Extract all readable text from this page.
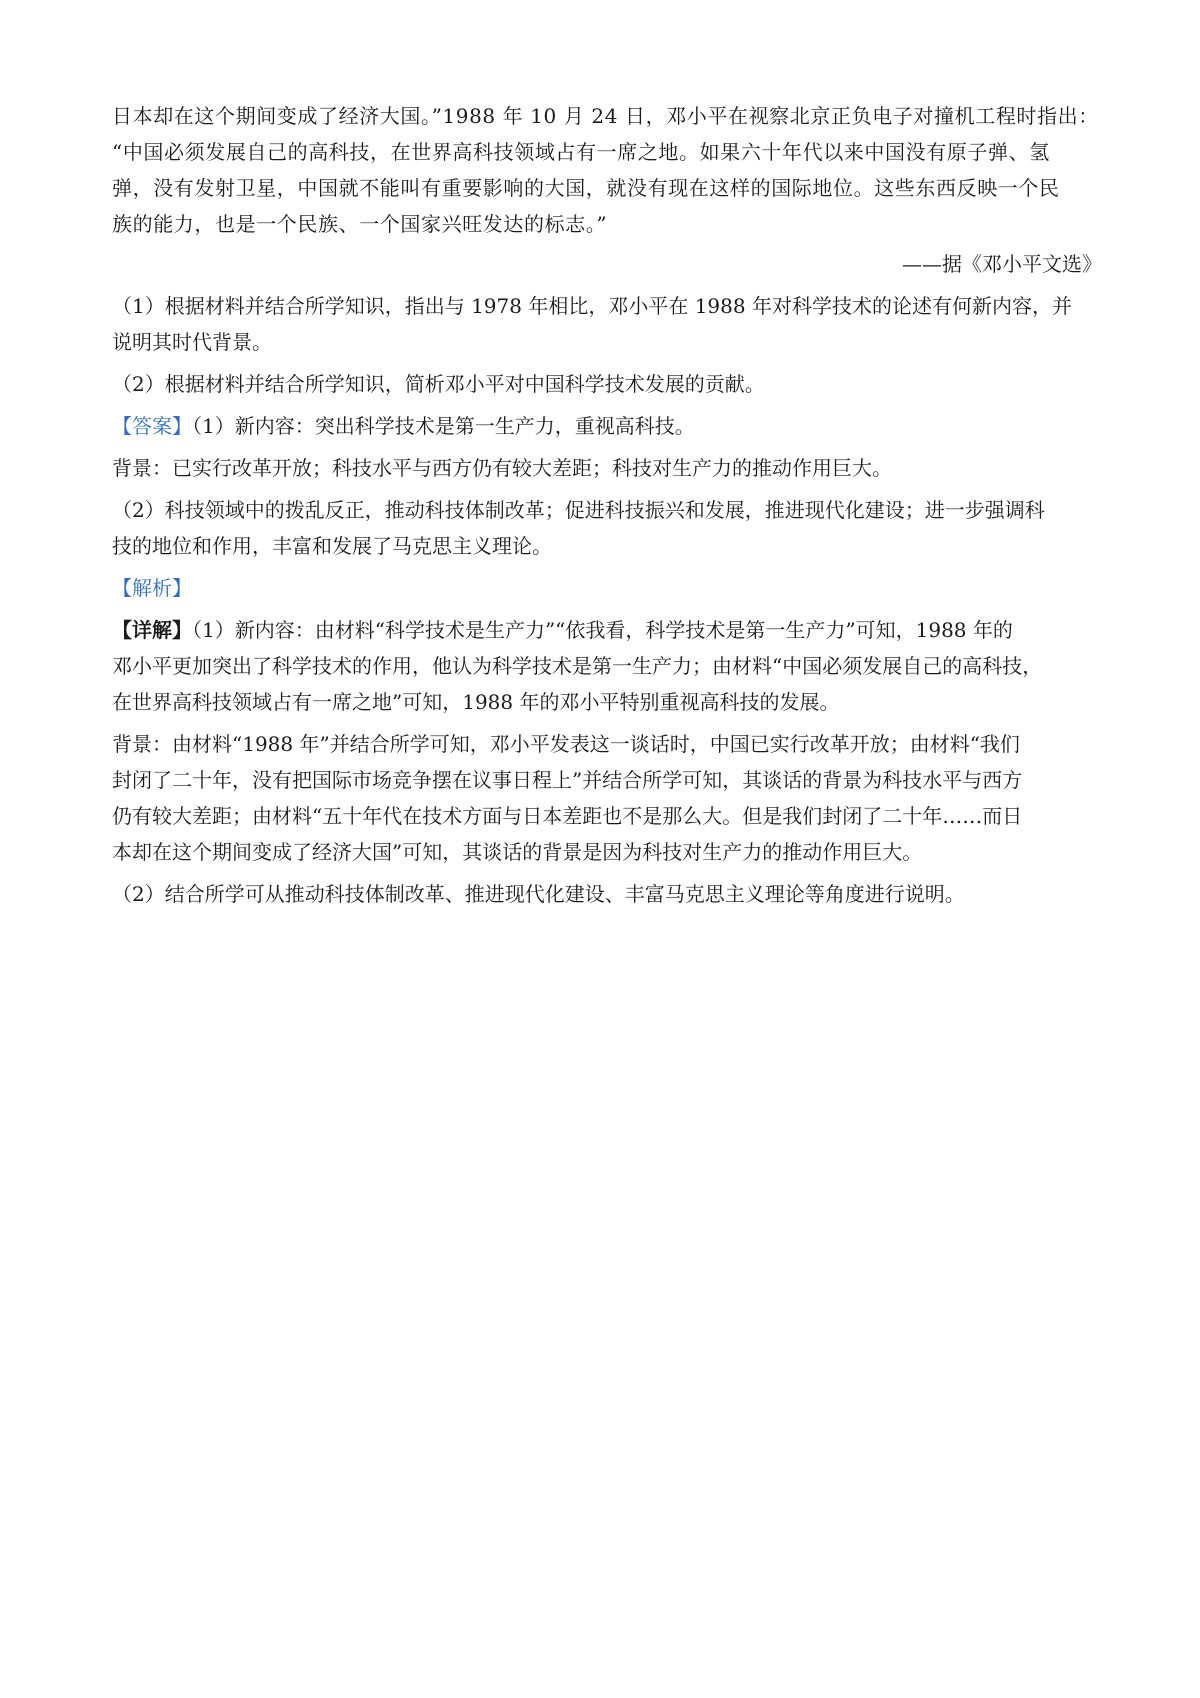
日本却在这个期间变成了经济大国。”1988 年 10 月 24 日，邓小平在视察北京正负电子对撞机工程时指出：
“中国必须发展自己的高科技，在世界高科技领域占有一席之地。如果六十年代以来中国没有原子弹、氢
弹，没有发射卫星，中国就不能叫有重要影响的大国，就没有现在这样的国际地位。这些东西反映一个民
族的能力，也是一个民族、一个国家兴旺发达的标志。”
——据《邓小平文选》
（1）根据材料并结合所学知识，指出与 1978 年相比，邓小平在 1988 年对科学技术的论述有何新内容，并
说明其时代背景。
（2）根据材料并结合所学知识，简析邓小平对中国科学技术发展的贡献。
【答案】（1）新内容：突出科学技术是第一生产力，重视高科技。
背景：已实行改革开放；科技水平与西方仍有较大差距；科技对生产力的推动作用巨大。
（2）科技领域中的拨乱反正，推动科技体制改革；促进科技振兴和发展，推进现代化建设；进一步强调科
技的地位和作用，丰富和发展了马克思主义理论。
【解析】
【详解】（1）新内容：由材料“科学技术是生产力”“依我看，科学技术是第一生产力”可知，1988 年的
邓小平更加突出了科学技术的作用，他认为科学技术是第一生产力；由材料“中国必须发展自己的高科技，
在世界高科技领域占有一席之地”可知，1988 年的邓小平特别重视高科技的发展。
背景：由材料“1988 年”并结合所学可知，邓小平发表这一谈话时，中国已实行改革开放；由材料“我们
封闭了二十年，没有把国际市场竞争摆在议事日程上”并结合所学可知，其谈话的背景为科技水平与西方
仍有较大差距；由材料“五十年代在技术方面与日本差距也不是那么大。但是我们封闭了二十年……而日
本却在这个期间变成了经济大国”可知，其谈话的背景是因为科技对生产力的推动作用巨大。
（2）结合所学可从推动科技体制改革、推进现代化建设、丰富马克思主义理论等角度进行说明。
